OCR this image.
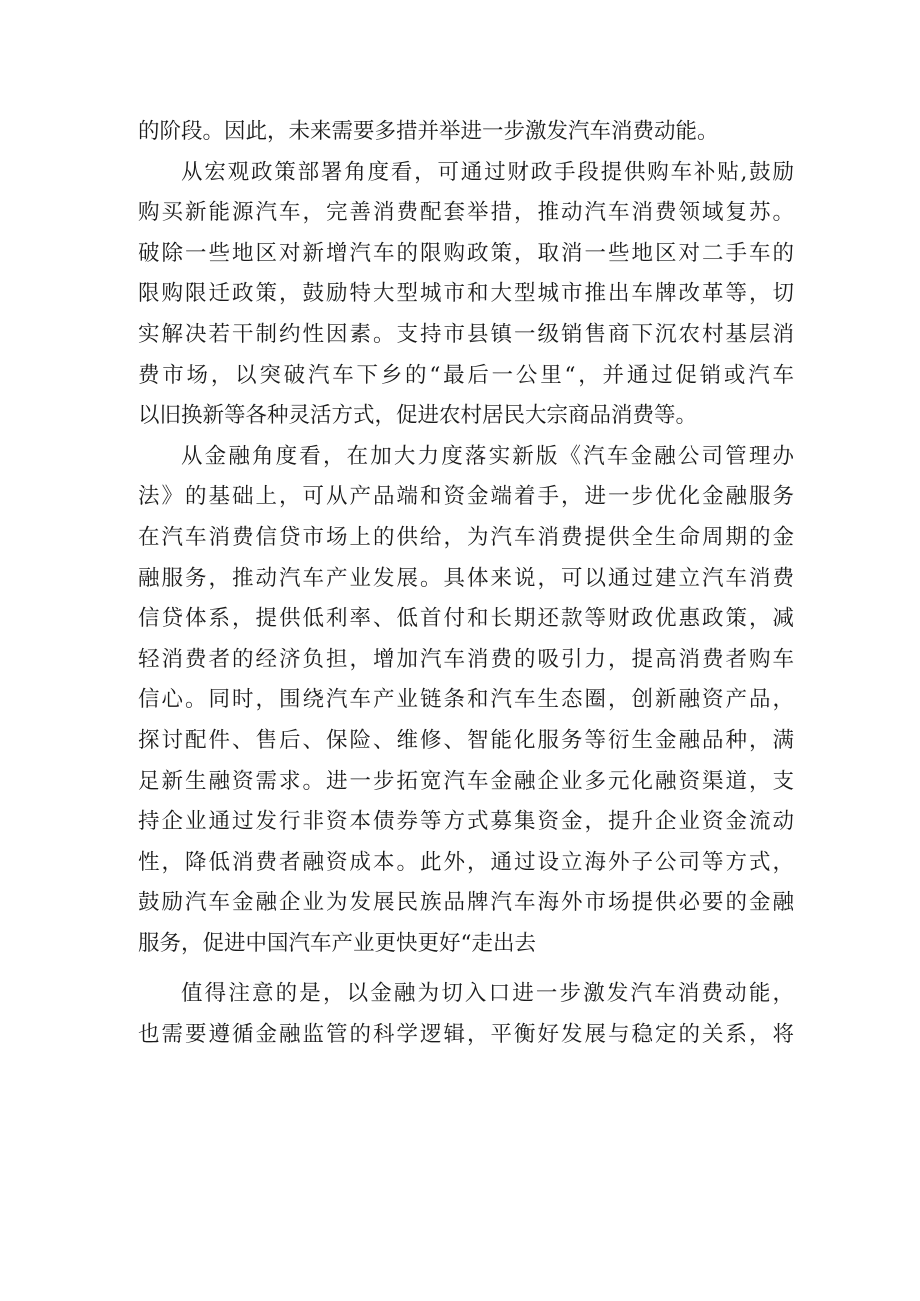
的阶段。因此，未来需要多措并举进一步激发汽车消费动能。
从宏观政策部署角度看，可通过财政手段提供购车补贴,鼓励
购买新能源汽车，完善消费配套举措，推动汽车消费领域复苏。
破除一些地区对新增汽车的限购政策，取消一些地区对二手车的
限购限迁政策，鼓励特大型城市和大型城市推出车牌改革等，切
实解决若干制约性因素。支持市县镇一级销售商下沉农村基层消
费市场，以突破汽车下乡的“最后一公里“，并通过促销或汽车
以旧换新等各种灵活方式，促进农村居民大宗商品消费等。
从金融角度看，在加大力度落实新版《汽车金融公司管理办
法》的基础上，可从产品端和资金端着手，进一步优化金融服务
在汽车消费信贷市场上的供给，为汽车消费提供全生命周期的金
融服务，推动汽车产业发展。具体来说，可以通过建立汽车消费
信贷体系，提供低利率、低首付和长期还款等财政优惠政策，减
轻消费者的经济负担，增加汽车消费的吸引力，提高消费者购车
信心。同时，围绕汽车产业链条和汽车生态圈，创新融资产品，
探讨配件、售后、保险、维修、智能化服务等衍生金融品种，满
足新生融资需求。进一步拓宽汽车金融企业多元化融资渠道，支
持企业通过发行非资本债券等方式募集资金，提升企业资金流动
性，降低消费者融资成本。此外，通过设立海外子公司等方式，
鼓励汽车金融企业为发展民族品牌汽车海外市场提供必要的金融
服务，促进中国汽车产业更快更好“走出去
值得注意的是，以金融为切入口进一步激发汽车消费动能，
也需要遵循金融监管的科学逻辑，平衡好发展与稳定的关系，将
